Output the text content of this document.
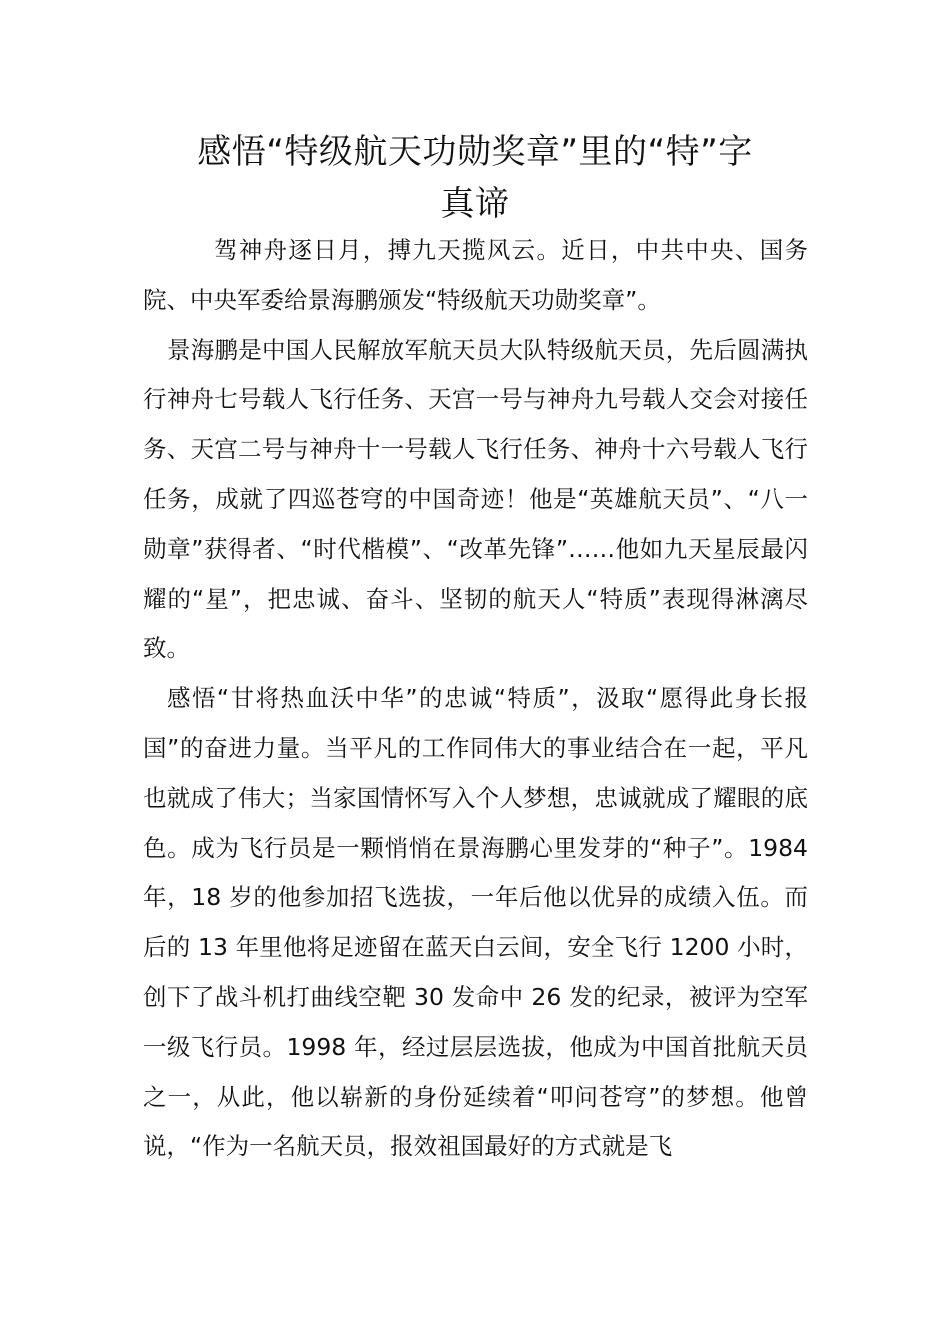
感悟“特级航天功勋奖章”里的“特”字
真谛

驾神舟逐日月，搏九天揽风云。近日，中共中央、国务院、中央军委给景海鹏颁发“特级航天功勋奖章”。

景海鹏是中国人民解放军航天员大队特级航天员，先后圆满执行神舟七号载人飞行任务、天宫一号与神舟九号载人交会对接任务、天宫二号与神舟十一号载人飞行任务、神舟十六号载人飞行任务，成就了四巡苍穹的中国奇迹！他是“英雄航天员”、“八一勋章”获得者、“时代楷模”、“改革先锋”……他如九天星辰最闪耀的“星”，把忠诚、奋斗、坚韧的航天人“特质”表现得淋漓尽致。

感悟“甘将热血沃中华”的忠诚“特质”，汲取“愿得此身长报国”的奋进力量。当平凡的工作同伟大的事业结合在一起，平凡也就成了伟大；当家国情怀写入个人梦想，忠诚就成了耀眼的底色。成为飞行员是一颗悄悄在景海鹏心里发芽的“种子”。1984 年，18 岁的他参加招飞选拔，一年后他以优异的成绩入伍。而后的 13 年里他将足迹留在蓝天白云间，安全飞行 1200 小时，创下了战斗机打曲线空靶 30 发命中 26 发的纪录，被评为空军一级飞行员。1998 年，经过层层选拔，他成为中国首批航天员之一，从此，他以崭新的身份延续着“叩问苍穹”的梦想。他曾说，“作为一名航天员，报效祖国最好的方式就是飞
